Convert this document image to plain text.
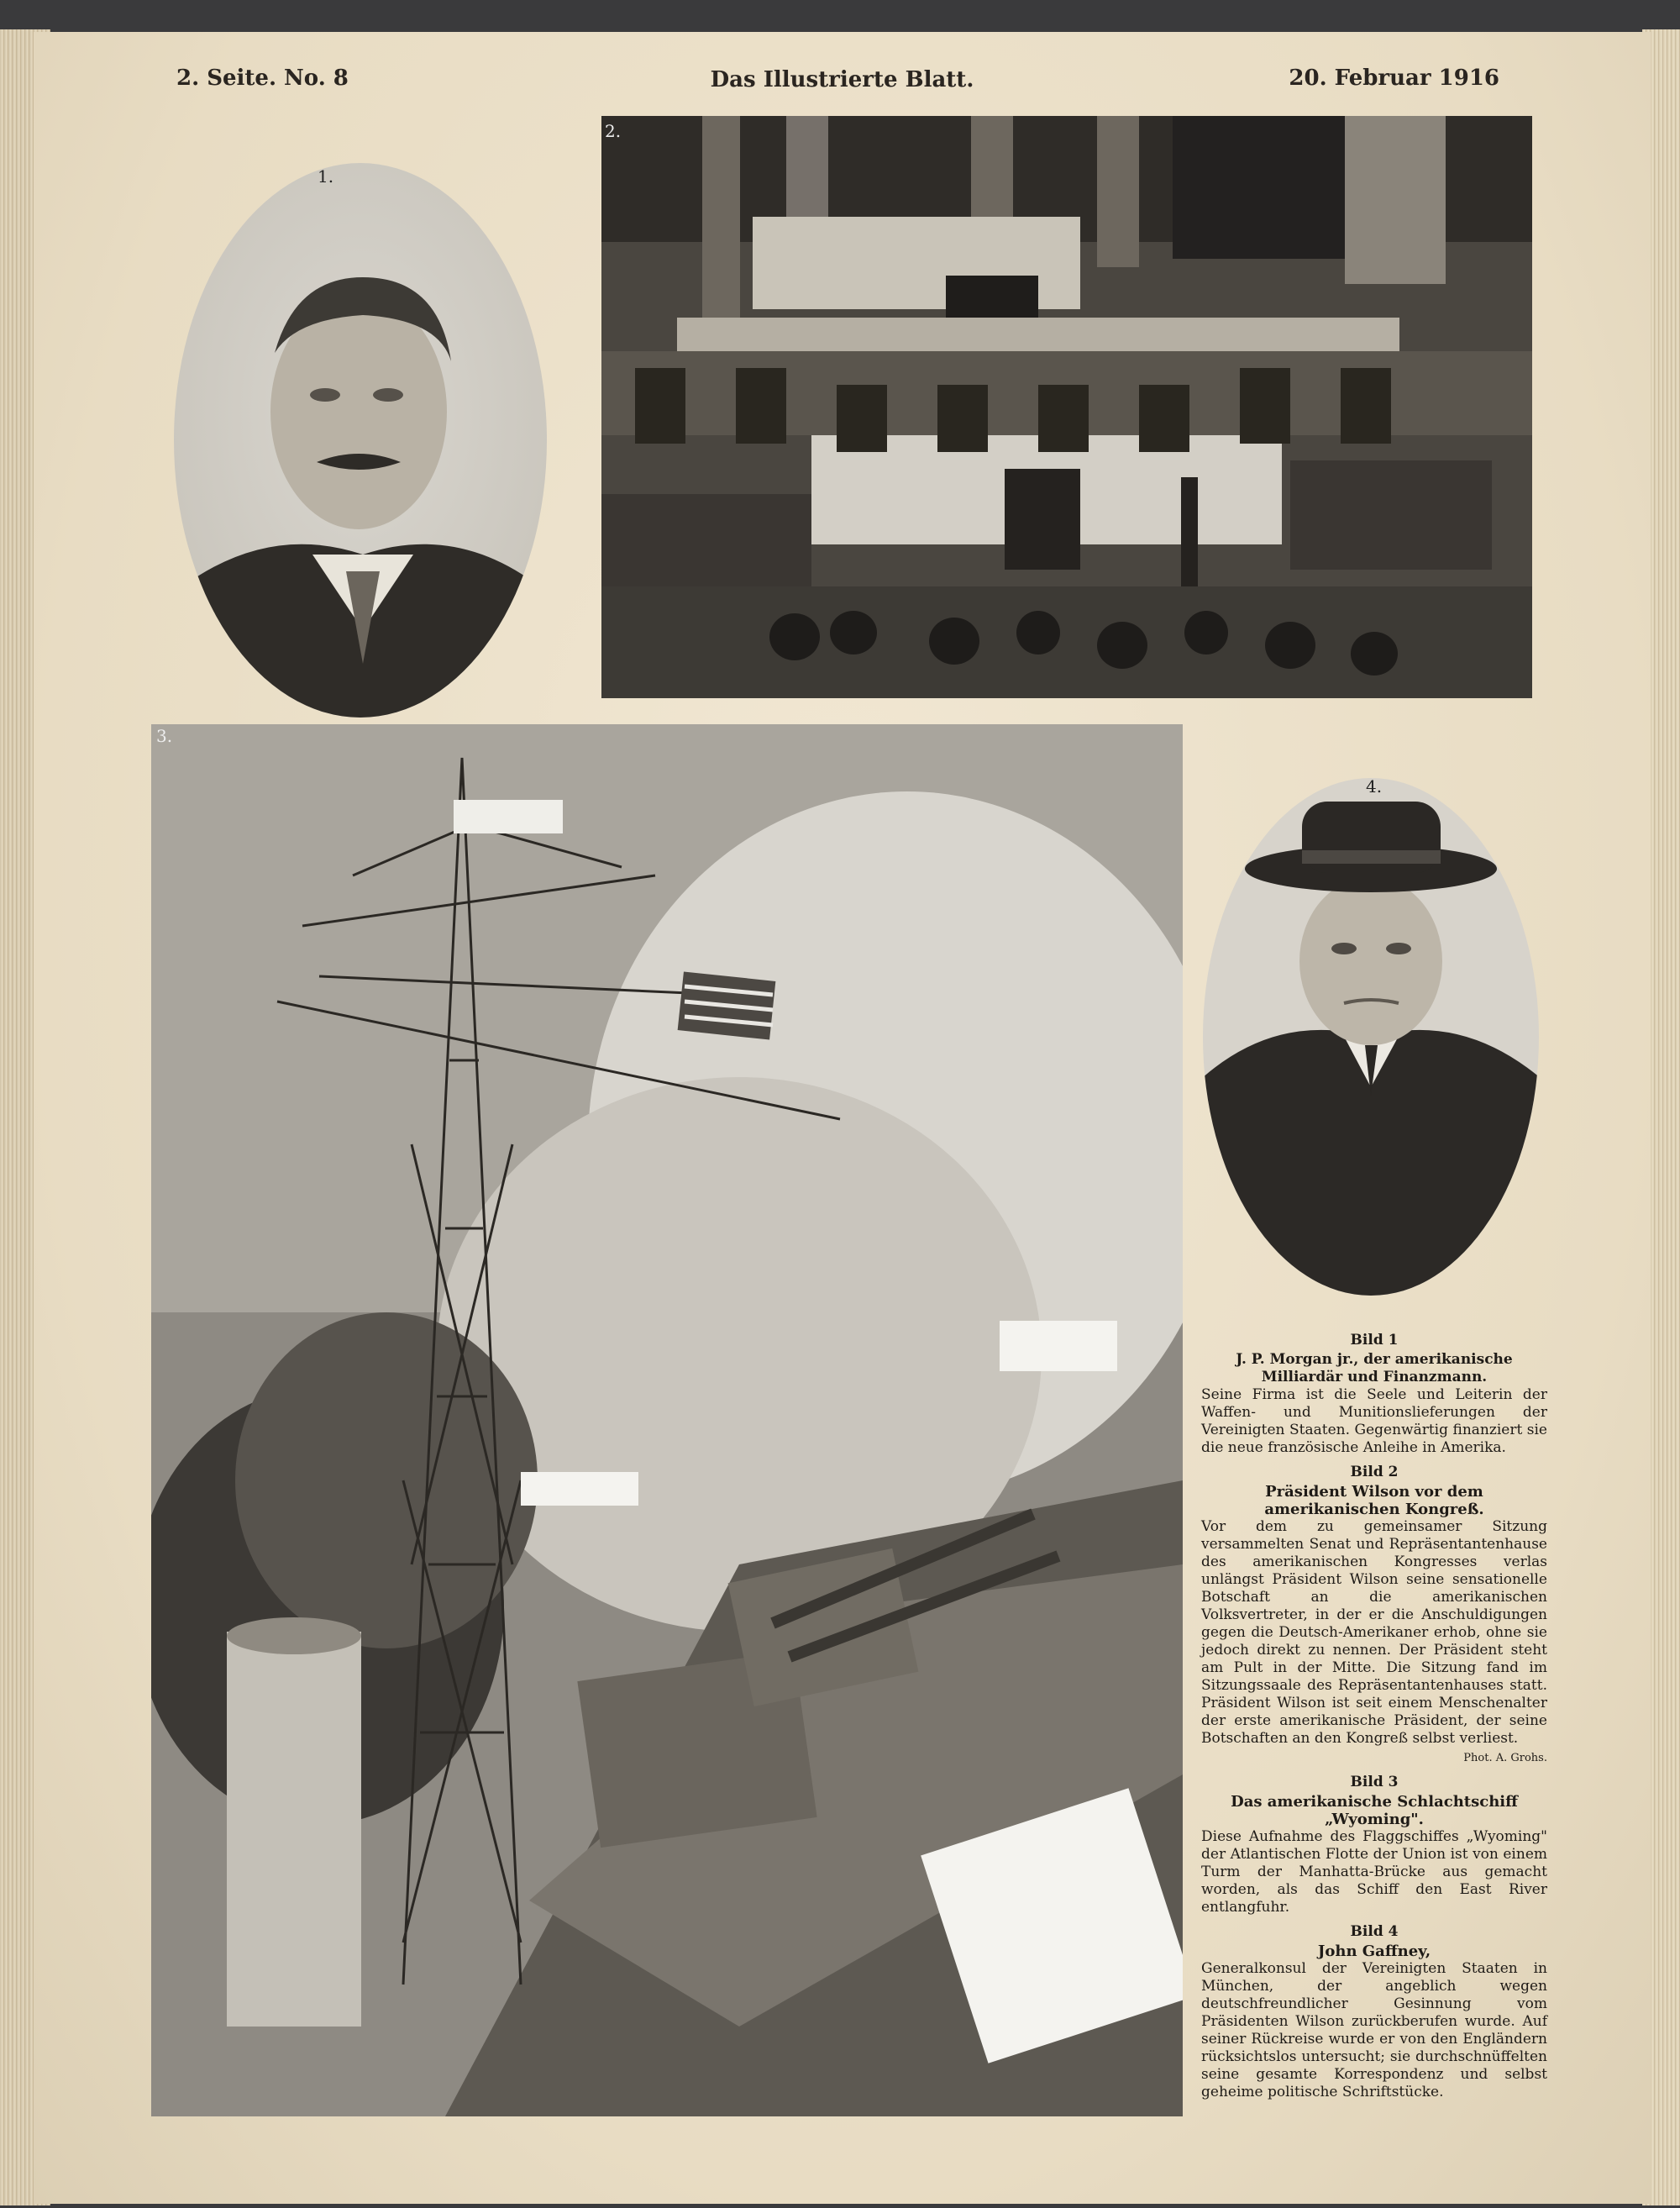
2. Seite. No. 8	Das Illustrierte Blatt.	20. Februar 1916
1.
2.
3.
4.
Bild 1
J. P. Morgan jr., der amerikanische Milliardär und Finanzmann.
Seine Firma ist die Seele und Leiterin der Waffen- und Munitionslieferungen der Vereinigten Staaten. Gegenwärtig finanziert sie die neue französische Anleihe in Amerika.
Bild 2
Präsident Wilson vor dem amerikanischen Kongreß.
Vor dem zu gemeinsamer Sitzung versammelten Senat und Repräsentantenhause des amerikanischen Kongresses verlas unlängst Präsident Wilson seine sensationelle Botschaft an die amerikanischen Volksvertreter, in der er die Anschuldigungen gegen die Deutsch-Amerikaner erhob, ohne sie jedoch direkt zu nennen. Der Präsident steht am Pult in der Mitte. Die Sitzung fand im Sitzungssaale des Repräsentantenhauses statt. Präsident Wilson ist seit einem Menschenalter der erste amerikanische Präsident, der seine Botschaften an den Kongreß selbst verliest.
Phot. A. Grohs.
Bild 3
Das amerikanische Schlachtschiff „Wyoming".
Diese Aufnahme des Flaggschiffes „Wyoming" der Atlantischen Flotte der Union ist von einem Turm der Manhatta-Brücke aus gemacht worden, als das Schiff den East River entlangfuhr.
Bild 4
John Gaffney,
Generalkonsul der Vereinigten Staaten in München, der angeblich wegen deutschfreundlicher Gesinnung vom Präsidenten Wilson zurückberufen wurde. Auf seiner Rückreise wurde er von den Engländern rücksichtslos untersucht; sie durchschnüffelten seine gesamte Korrespondenz und selbst geheime politische Schriftstücke.
